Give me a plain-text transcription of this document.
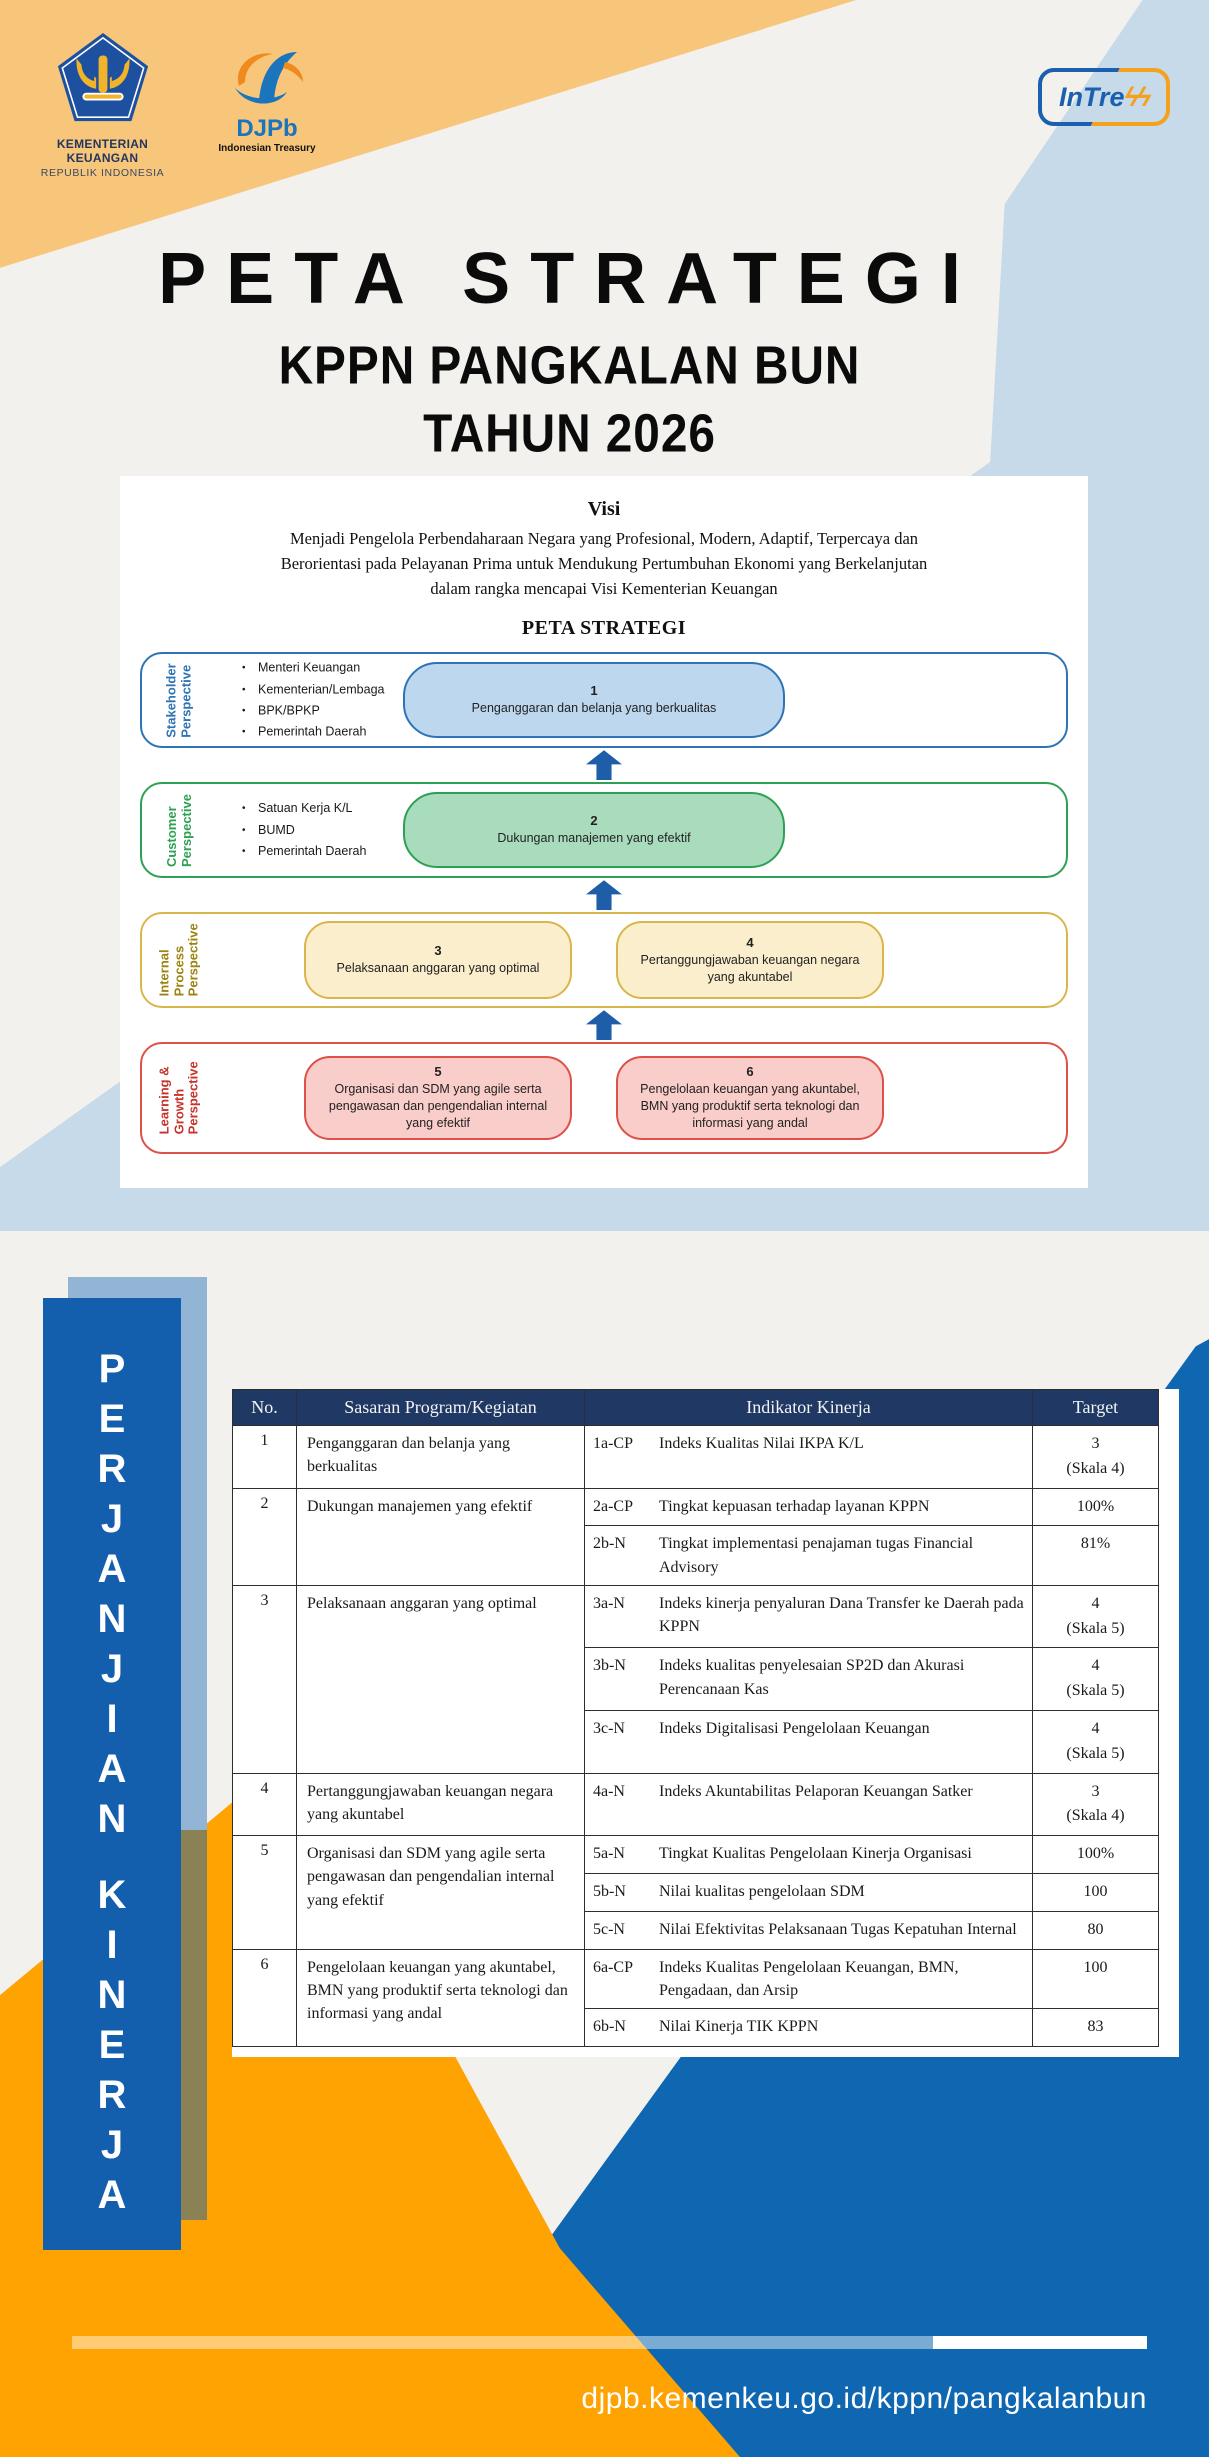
KEMENTERIAN KEUANGAN
REPUBLIK INDONESIA
DJPb
Indonesian Treasury
InTre ϟϟ
PETA STRATEGI
KPPN PANGKALAN BUN
TAHUN 2026
Visi
Menjadi Pengelola Perbendaharaan Negara yang Profesional, Modern, Adaptif, Terpercaya dan Berorientasi pada Pelayanan Prima untuk Mendukung Pertumbuhan Ekonomi yang Berkelanjutan dalam rangka mencapai Visi Kementerian Keuangan
PETA STRATEGI
Stakeholder Perspective	• Menteri Keuangan
• Kementerian/Lembaga
• BPK/BPKP
• Pemerintah Daerah
1
Penganggaran dan belanja yang berkualitas
Customer Perspective	• Satuan Kerja K/L
• BUMD
• Pemerintah Daerah
2
Dukungan manajemen yang efektif
Internal Process Perspective	3
Pelaksanaan anggaran yang optimal
4
Pertanggungjawaban keuangan negara yang akuntabel
Learning & Growth Perspective	5
Organisasi dan SDM yang agile serta pengawasan dan pengendalian internal yang efektif
6
Pengelolaan keuangan yang akuntabel, BMN yang produktif serta teknologi dan informasi yang andal
P
E
R
J
A
N
J
I
A
N
K
I
N
E
R
J
A
No.	Sasaran Program/Kegiatan	Indikator Kinerja	Target
1	Penganggaran dan belanja yang berkualitas	1a-CP Indeks Kualitas Nilai IKPA K/L	3
(Skala 4)
2	Dukungan manajemen yang efektif	2a-CP Tingkat kepuasan terhadap layanan KPPN	100%

		2b-N Tingkat implementasi penajaman tugas Financial Advisory	81%
3	Pelaksanaan anggaran yang optimal	3a-N Indeks kinerja penyaluran Dana Transfer ke Daerah pada KPPN	4
(Skala 5)

		3b-N Indeks kualitas penyelesaian SP2D dan Akurasi Perencanaan Kas	4
(Skala 5)

		3c-N Indeks Digitalisasi Pengelolaan Keuangan	4
(Skala 5)
4	Pertanggungjawaban keuangan negara yang akuntabel	4a-N Indeks Akuntabilitas Pelaporan Keuangan Satker	3
(Skala 4)
5	Organisasi dan SDM yang agile serta pengawasan dan pengendalian internal yang efektif	5a-N Tingkat Kualitas Pengelolaan Kinerja Organisasi	100%

		5b-N Nilai kualitas pengelolaan SDM	100

		5c-N Nilai Efektivitas Pelaksanaan Tugas Kepatuhan Internal	80
6	Pengelolaan keuangan yang akuntabel, BMN yang produktif serta teknologi dan informasi yang andal	6a-CP Indeks Kualitas Pengelolaan Keuangan, BMN, Pengadaan, dan Arsip	100

		6b-N Nilai Kinerja TIK KPPN	83
djpb.kemenkeu.go.id/kppn/pangkalanbun
